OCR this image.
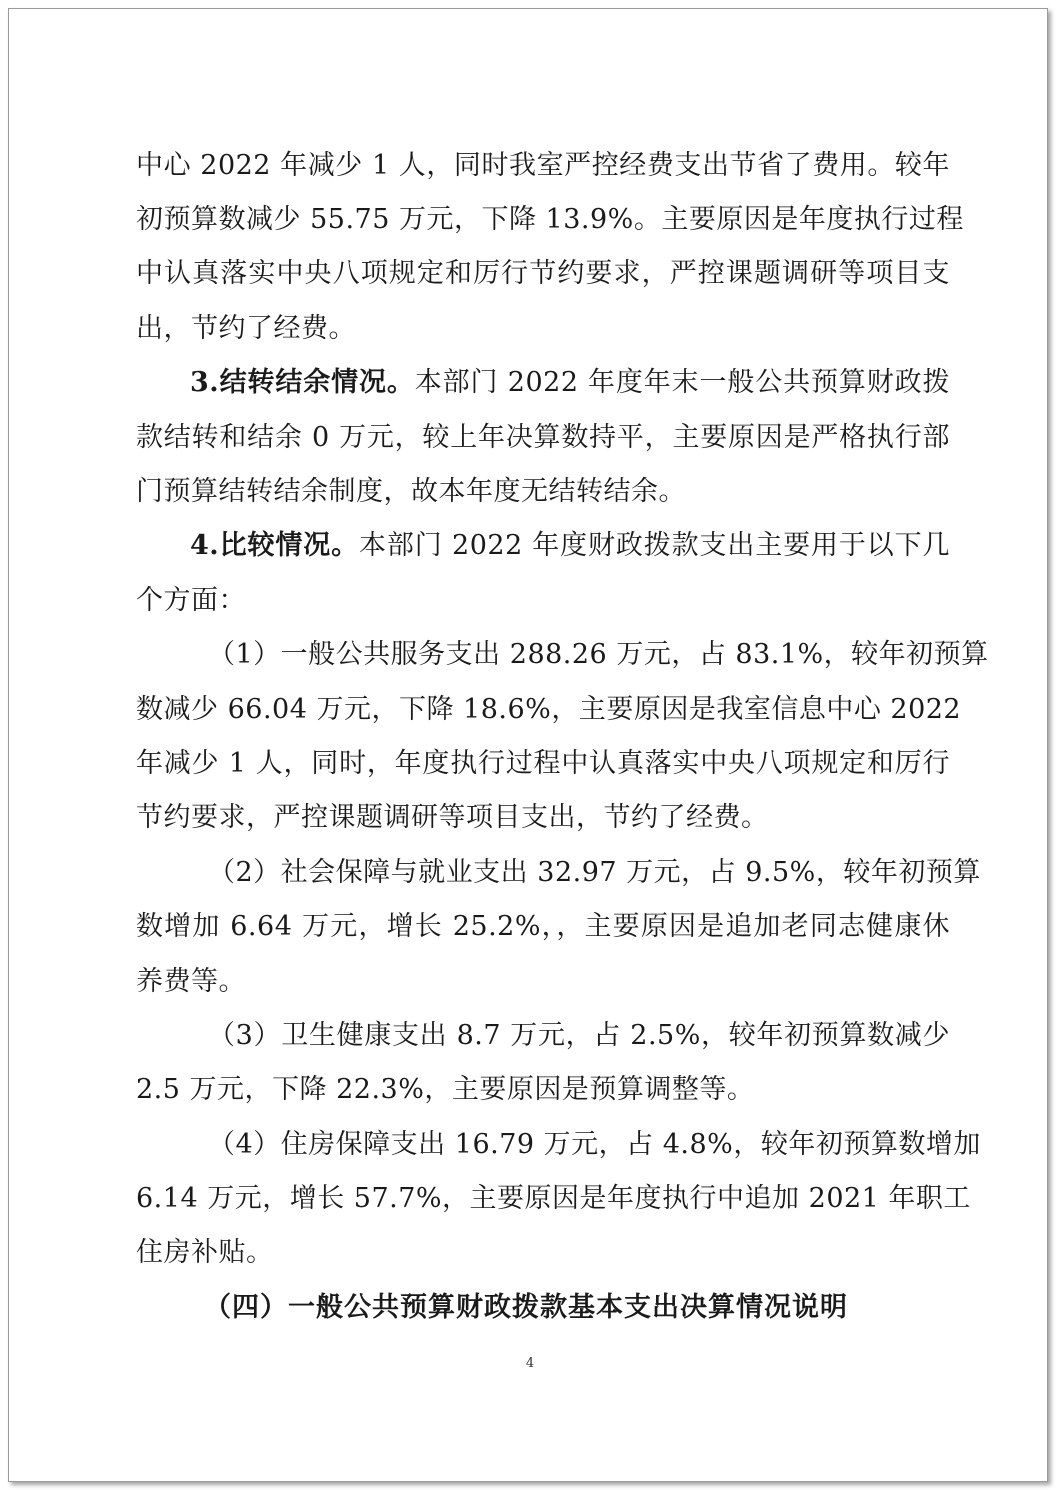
中心 2022 年减少 1 人，同时我室严控经费支出节省了费用。较年
初预算数减少 55.75 万元，下降 13.9%。主要原因是年度执行过程
中认真落实中央八项规定和厉行节约要求，严控课题调研等项目支
出，节约了经费。
3.结转结余情况。本部门 2022 年度年末一般公共预算财政拨
款结转和结余 0 万元，较上年决算数持平，主要原因是严格执行部
门预算结转结余制度，故本年度无结转结余。
4.比较情况。本部门 2022 年度财政拨款支出主要用于以下几
个方面：
（1）一般公共服务支出 288.26 万元，占 83.1%，较年初预算
数减少 66.04 万元，下降 18.6%，主要原因是我室信息中心 2022
年减少 1 人，同时，年度执行过程中认真落实中央八项规定和厉行
节约要求，严控课题调研等项目支出，节约了经费。
（2）社会保障与就业支出 32.97 万元，占 9.5%，较年初预算
数增加 6.64 万元，增长 25.2%，，主要原因是追加老同志健康休
养费等。
（3）卫生健康支出 8.7 万元，占 2.5%，较年初预算数减少
2.5 万元，下降 22.3%，主要原因是预算调整等。
（4）住房保障支出 16.79 万元，占 4.8%，较年初预算数增加
6.14 万元，增长 57.7%，主要原因是年度执行中追加 2021 年职工
住房补贴。
（四）一般公共预算财政拨款基本支出决算情况说明
4
